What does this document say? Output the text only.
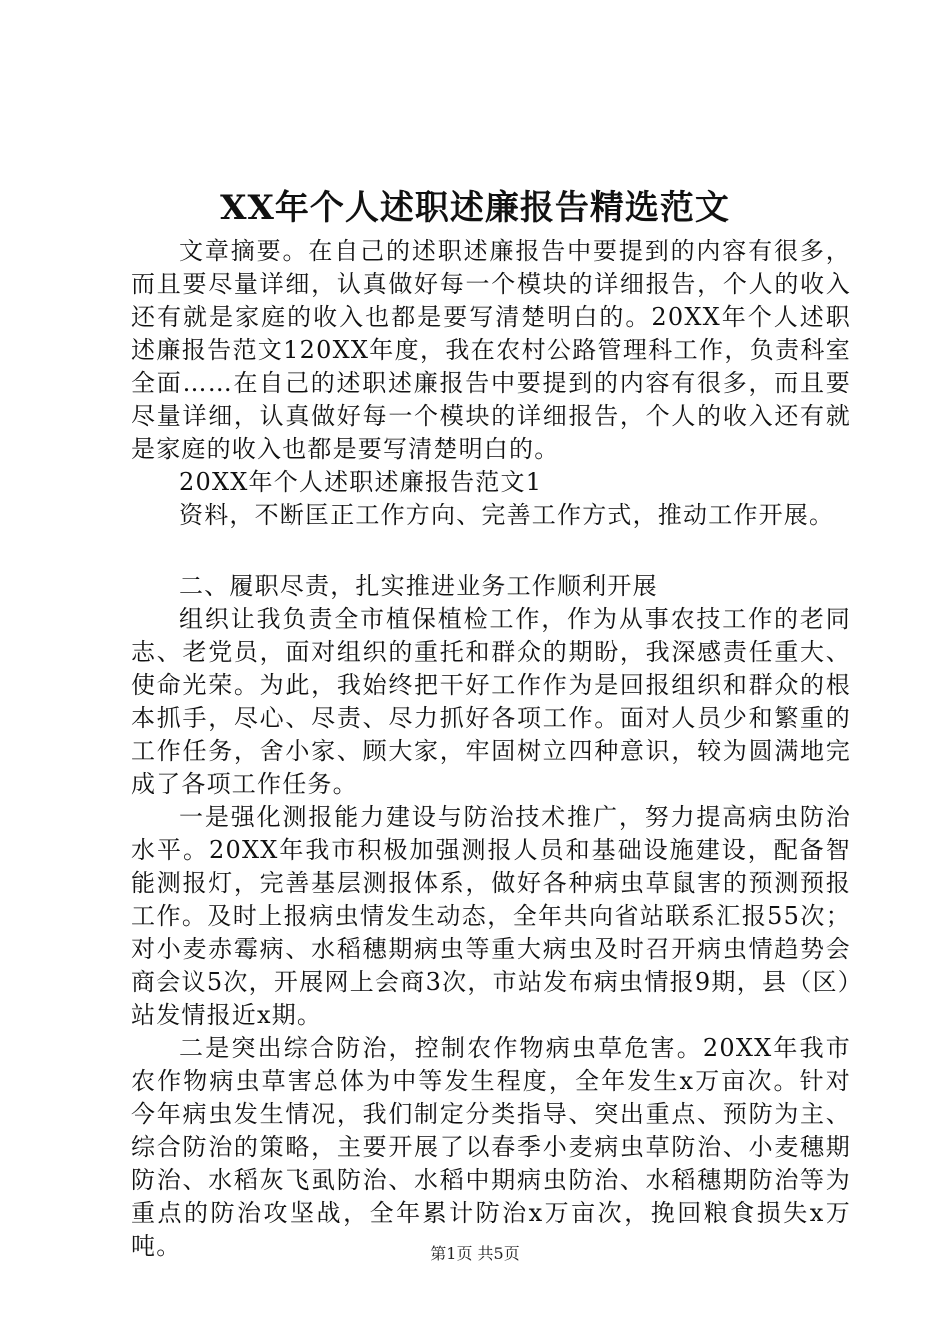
XX年个人述职述廉报告精选范文

文章摘要。在自己的述职述廉报告中要提到的内容有很多，而且要尽量详细，认真做好每一个模块的详细报告，个人的收入还有就是家庭的收入也都是要写清楚明白的。20XX年个人述职述廉报告范文120XX年度，我在农村公路管理科工作，负责科室全面……在自己的述职述廉报告中要提到的内容有很多，而且要尽量详细，认真做好每一个模块的详细报告，个人的收入还有就是家庭的收入也都是要写清楚明白的。

20XX年个人述职述廉报告范文1

资料，不断匡正工作方向、完善工作方式，推动工作开展。

二、履职尽责，扎实推进业务工作顺利开展

组织让我负责全市植保植检工作，作为从事农技工作的老同志、老党员，面对组织的重托和群众的期盼，我深感责任重大、使命光荣。为此，我始终把干好工作作为是回报组织和群众的根本抓手，尽心、尽责、尽力抓好各项工作。面对人员少和繁重的工作任务，舍小家、顾大家，牢固树立四种意识，较为圆满地完成了各项工作任务。

一是强化测报能力建设与防治技术推广，努力提高病虫防治水平。20XX年我市积极加强测报人员和基础设施建设，配备智能测报灯，完善基层测报体系，做好各种病虫草鼠害的预测预报工作。及时上报病虫情发生动态，全年共向省站联系汇报55次；对小麦赤霉病、水稻穗期病虫等重大病虫及时召开病虫情趋势会商会议5次，开展网上会商3次，市站发布病虫情报9期，县（区）站发情报近x期。

二是突出综合防治，控制农作物病虫草危害。20XX年我市农作物病虫草害总体为中等发生程度，全年发生x万亩次。针对今年病虫发生情况，我们制定分类指导、突出重点、预防为主、综合防治的策略，主要开展了以春季小麦病虫草防治、小麦穗期防治、水稻灰飞虱防治、水稻中期病虫防治、水稻穗期防治等为重点的防治攻坚战，全年累计防治x万亩次，挽回粮食损失x万吨。	第1页 共5页
